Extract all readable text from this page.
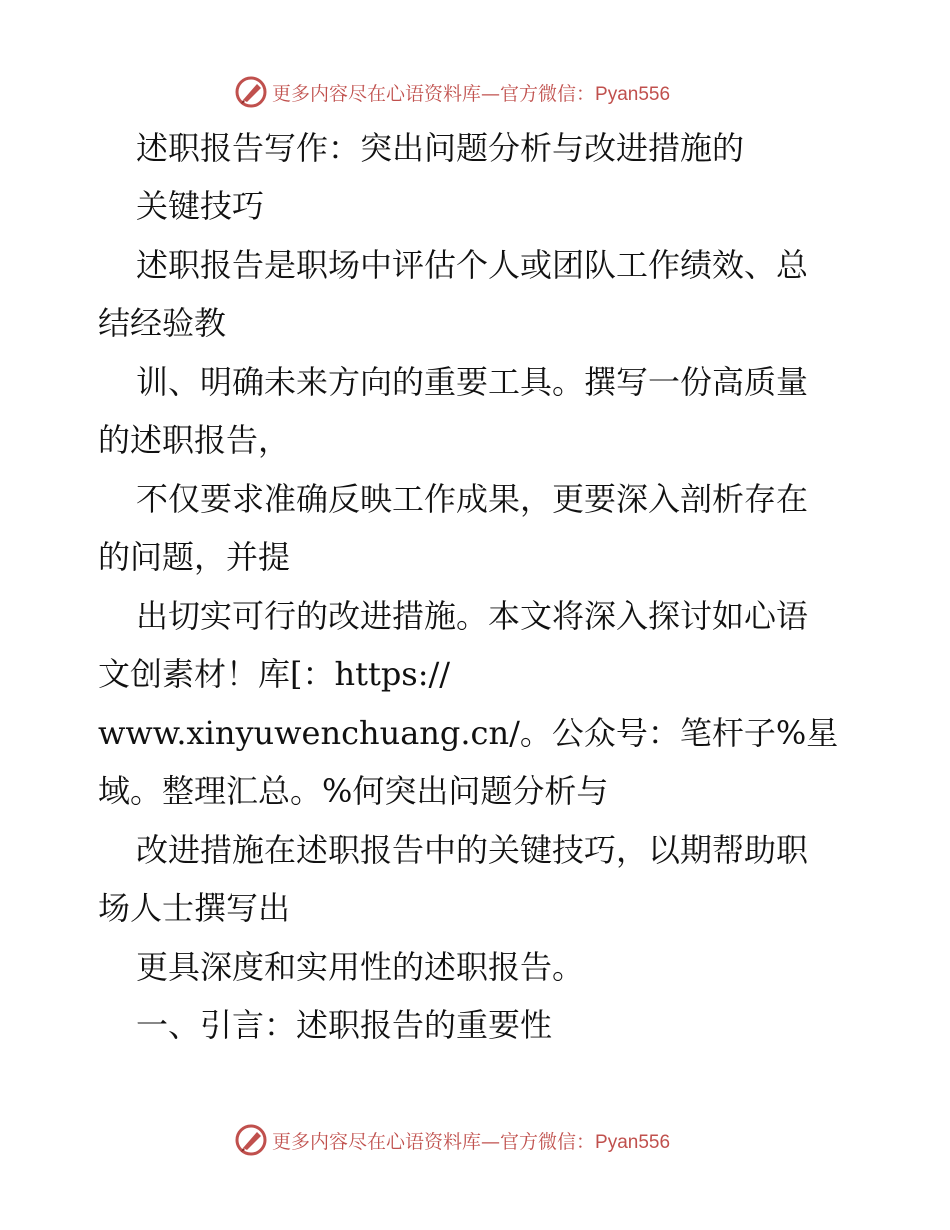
更多内容尽在心语资料库—官方微信：Pyan556
述职报告写作：突出问题分析与改进措施的
关键技巧
述职报告是职场中评估个人或团队工作绩效、总
结经验教
训、明确未来方向的重要工具。撰写一份高质量
的述职报告，
不仅要求准确反映工作成果，更要深入剖析存在
的问题，并提
出切实可行的改进措施。本文将深入探讨如心语
文创素材！库[：https://
www.xinyuwenchuang.cn/。公众号：笔杆子%星
域。整理汇总。%何突出问题分析与
改进措施在述职报告中的关键技巧，以期帮助职
场人士撰写出
更具深度和实用性的述职报告。
一、引言：述职报告的重要性
更多内容尽在心语资料库—官方微信：Pyan556
